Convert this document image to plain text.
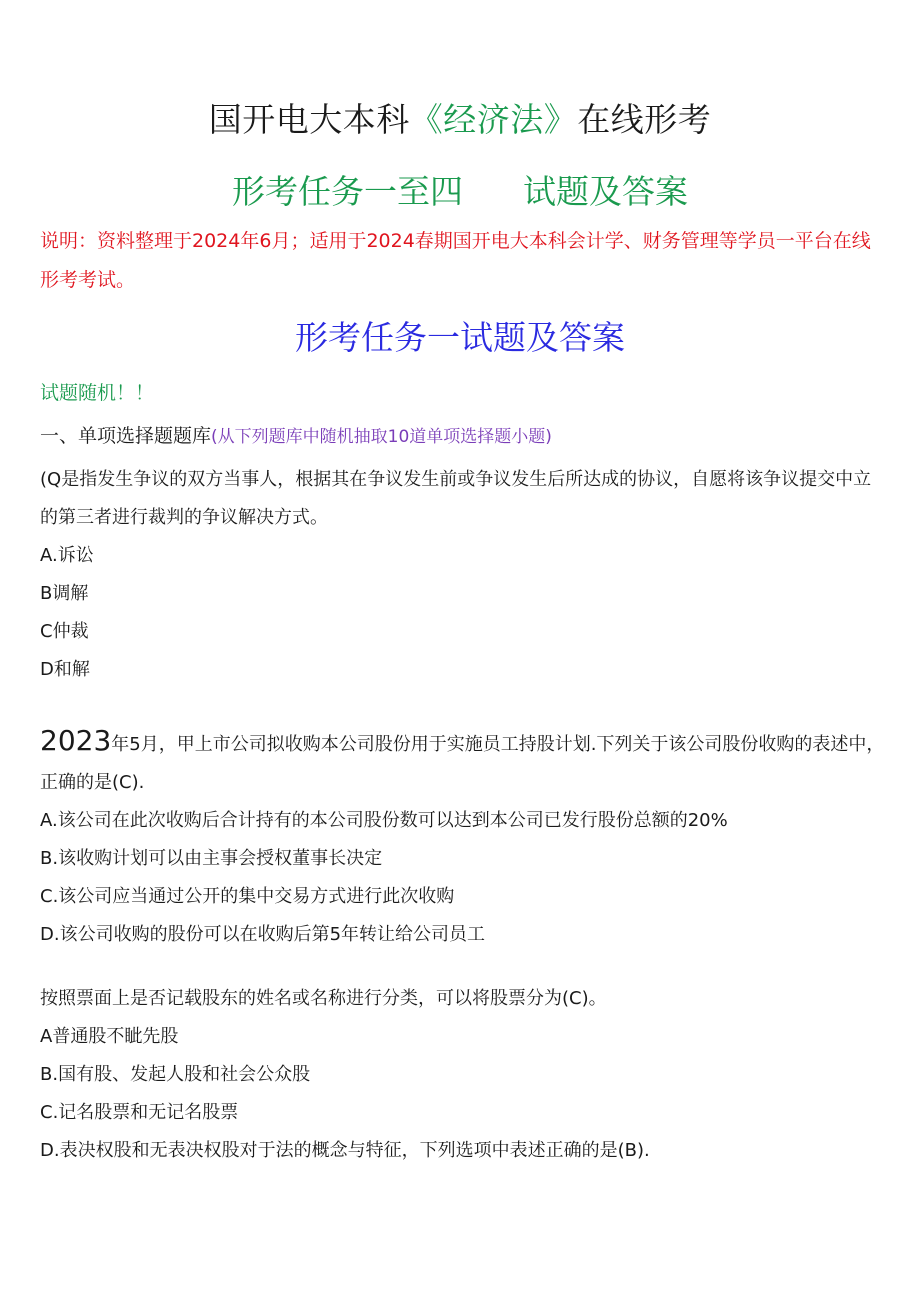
国开电大本科《经济法》在线形考
形考任务一至四 试题及答案
说明：资料整理于2024年6月；适用于2024春期国开电大本科会计学、财务管理等学员一平台在线形考考试。
形考任务一试题及答案
试题随机！！
一、单项选择题题库(从下列题库中随机抽取10道单项选择题小题)

(Q是指发生争议的双方当事人，根据其在争议发生前或争议发生后所达成的协议，自愿将该争议提交中立的第三者进行裁判的争议解决方式。

A.诉讼

B调解

C仲裁

D和解

2023年5月，甲上市公司拟收购本公司股份用于实施员工持股计划.下列关于该公司股份收购的表述中，正确的是(C).

A.该公司在此次收购后合计持有的本公司股份数可以达到本公司已发行股份总额的20%

B.该收购计划可以由主事会授权董事长决定

C.该公司应当通过公开的集中交易方式进行此次收购

D.该公司收购的股份可以在收购后第5年转让给公司员工

按照票面上是否记载股东的姓名或名称进行分类，可以将股票分为(C)。

A普通股不眦先股

B.国有股、发起人股和社会公众股

C.记名股票和无记名股票

D.表决权股和无表决权股对于法的概念与特征，下列选项中表述正确的是(B).
